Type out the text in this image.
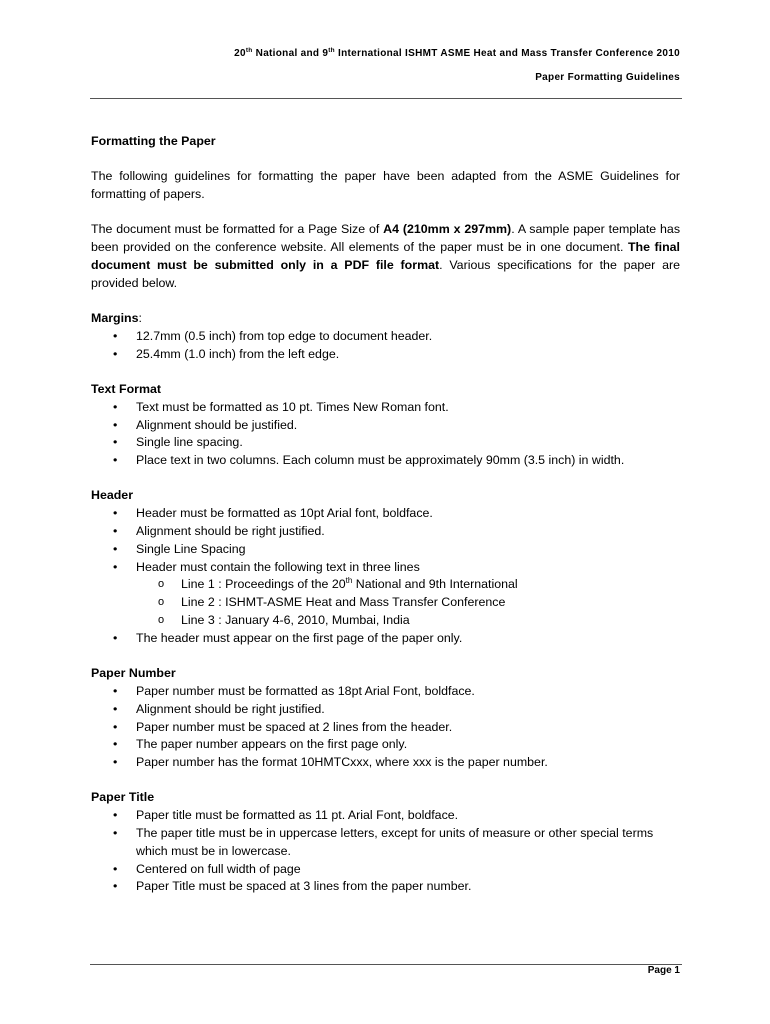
20th National and 9th International ISHMT ASME Heat and Mass Transfer Conference 2010
Paper Formatting Guidelines

Formatting the Paper

The following guidelines for formatting the paper have been adapted from the ASME Guidelines for formatting of papers.

The document must be formatted for a Page Size of A4 (210mm x 297mm). A sample paper template has been provided on the conference website. All elements of the paper must be in one document. The final document must be submitted only in a PDF file format. Various specifications for the paper are provided below.

Margins:

• 12.7mm (0.5 inch) from top edge to document header.
• 25.4mm (1.0 inch) from the left edge.

Text Format

• Text must be formatted as 10 pt. Times New Roman font.
• Alignment should be justified.
• Single line spacing.
• Place text in two columns. Each column must be approximately 90mm (3.5 inch) in width.

Header

• Header must be formatted as 10pt Arial font, boldface.
• Alignment should be right justified.
• Single Line Spacing
• Header must contain the following text in three lines
o Line 1 : Proceedings of the 20th National and 9th International
o Line 2 : ISHMT-ASME Heat and Mass Transfer Conference
o Line 3 : January 4-6, 2010, Mumbai, India
• The header must appear on the first page of the paper only.

Paper Number

• Paper number must be formatted as 18pt Arial Font, boldface.
• Alignment should be right justified.
• Paper number must be spaced at 2 lines from the header.
• The paper number appears on the first page only.
• Paper number has the format 10HMTCxxx, where xxx is the paper number.

Paper Title

• Paper title must be formatted as 11 pt. Arial Font, boldface.
• The paper title must be in uppercase letters, except for units of measure or other special terms which must be in lowercase.
• Centered on full width of page
• Paper Title must be spaced at 3 lines from the paper number.
Page 1
